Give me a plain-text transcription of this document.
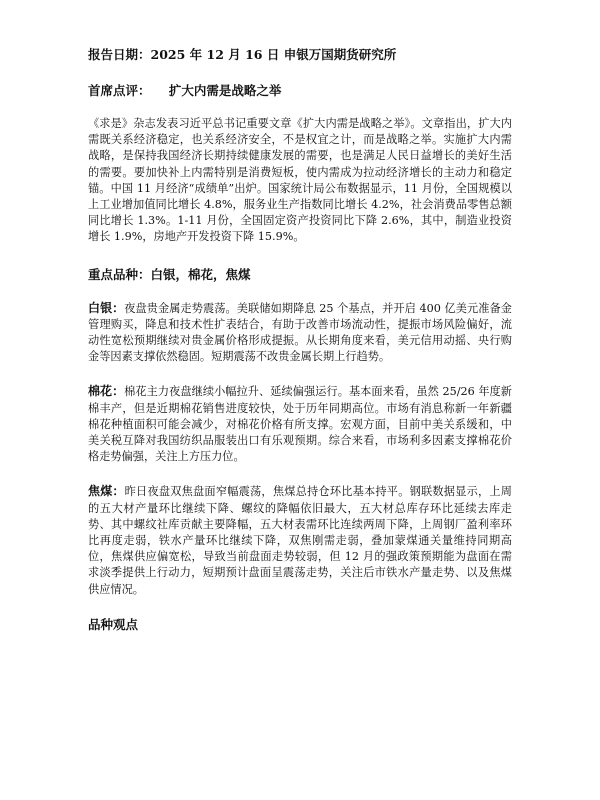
报告日期：2025 年 12 月 16 日 申银万国期货研究所
首席点评： 扩大内需是战略之举

《求是》杂志发表习近平总书记重要文章《扩大内需是战略之举》。文章指出，扩大内需既关系经济稳定，也关系经济安全，不是权宜之计，而是战略之举。实施扩大内需战略，是保持我国经济长期持续健康发展的需要，也是满足人民日益增长的美好生活的需要。要加快补上内需特别是消费短板，使内需成为拉动经济增长的主动力和稳定锚。中国 11 月经济“成绩单”出炉。国家统计局公布数据显示，11 月份，全国规模以上工业增加值同比增长 4.8%，服务业生产指数同比增长 4.2%，社会消费品零售总额同比增长 1.3%。1-11 月份，全国固定资产投资同比下降 2.6%，其中，制造业投资增长 1.9%，房地产开发投资下降 15.9%。

重点品种：白银，棉花，焦煤

白银：夜盘贵金属走势震荡。美联储如期降息 25 个基点，并开启 400 亿美元准备金管理购买，降息和技术性扩表结合，有助于改善市场流动性，提振市场风险偏好，流动性宽松预期继续对贵金属价格形成提振。从长期角度来看，美元信用动摇、央行购金等因素支撑依然稳固。短期震荡不改贵金属长期上行趋势。

棉花：棉花主力夜盘继续小幅拉升、延续偏强运行。基本面来看，虽然 25/26 年度新棉丰产，但是近期棉花销售进度较快，处于历年同期高位。市场有消息称新一年新疆棉花种植面积可能会减少，对棉花价格有所支撑。宏观方面，目前中美关系缓和，中美关税互降对我国纺织品服装出口有乐观预期。综合来看，市场利多因素支撑棉花价格走势偏强，关注上方压力位。

焦煤：昨日夜盘双焦盘面窄幅震荡，焦煤总持仓环比基本持平。钢联数据显示，上周的五大材产量环比继续下降、螺纹的降幅依旧最大，五大材总库存环比延续去库走势、其中螺纹社库贡献主要降幅，五大材表需环比连续两周下降，上周钢厂盈利率环比再度走弱，铁水产量环比继续下降，双焦刚需走弱，叠加蒙煤通关量维持同期高位，焦煤供应偏宽松，导致当前盘面走势较弱，但 12 月的强政策预期能为盘面在需求淡季提供上行动力，短期预计盘面呈震荡走势，关注后市铁水产量走势、以及焦煤供应情况。

品种观点
